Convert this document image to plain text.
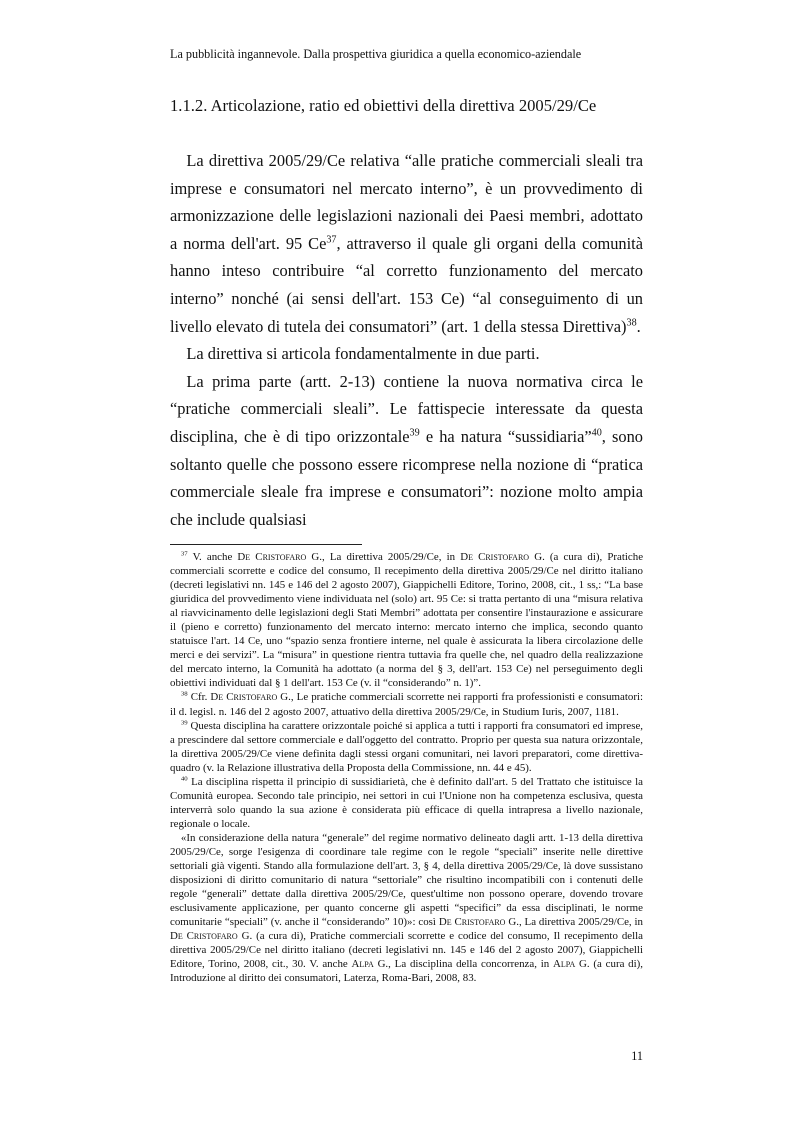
La pubblicità ingannevole. Dalla prospettiva giuridica a quella economico-aziendale
1.1.2. Articolazione, ratio ed obiettivi della direttiva 2005/29/Ce

 La direttiva 2005/29/Ce relativa “alle pratiche commerciali sleali tra imprese e consumatori nel mercato interno”, è un provvedimento di armonizzazione delle legislazioni nazionali dei Paesi membri, adottato a norma dell'art. 95 Ce$^{37}$, attraverso il quale gli organi della comunità hanno inteso contribuire “al corretto funzionamento del mercato interno” nonché (ai sensi dell'art. 153 Ce) “al conseguimento di un livello elevato di tutela dei consumatori” (art. 1 della stessa Direttiva)$^{38}$.

 La direttiva si articola fondamentalmente in due parti.

 La prima parte (artt. 2-13) contiene la nuova normativa circa le “pratiche commerciali sleali”. Le fattispecie interessate da questa disciplina, che è di tipo orizzontale$^{39}$ e ha natura “sussidiaria”$^{40}$, sono soltanto quelle che possono essere ricomprese nella nozione di “pratica commerciale sleale fra imprese e consumatori”: nozione molto ampia che include qualsiasi

 $^{37}$ V. anche De Cristofaro G., La direttiva 2005/29/Ce, in De Cristofaro G. (a cura di), Pratiche commerciali scorrette e codice del consumo, Il recepimento della direttiva 2005/29/Ce nel diritto italiano (decreti legislativi nn. 145 e 146 del 2 agosto 2007), Giappichelli Editore, Torino, 2008, cit., 1 ss,: “La base giuridica del provvedimento viene individuata nel (solo) art. 95 Ce: si tratta pertanto di una “misura relativa al riavvicinamento delle legislazioni degli Stati Membri” adottata per consentire l'instaurazione e assicurare il (pieno e corretto) funzionamento del mercato interno: mercato interno che implica, secondo quanto statuisce l'art. 14 Ce, uno “spazio senza frontiere interne, nel quale è assicurata la libera circolazione delle merci e dei servizi”. La “misura” in questione rientra tuttavia fra quelle che, nel quadro della realizzazione del mercato interno, la Comunità ha adottato (a norma del § 3, dell'art. 153 Ce) nel perseguimento degli obiettivi individuati dal § 1 dell'art. 153 Ce (v. il “considerando” n. 1)”.

 $^{38}$ Cfr. De Cristofaro G., Le pratiche commerciali scorrette nei rapporti fra professionisti e consumatori: il d. legisl. n. 146 del 2 agosto 2007, attuativo della direttiva 2005/29/Ce, in Studium Iuris, 2007, 1181.

 $^{39}$ Questa disciplina ha carattere orizzontale poiché si applica a tutti i rapporti fra consumatori ed imprese, a prescindere dal settore commerciale e dall'oggetto del contratto. Proprio per questa sua natura orizzontale, la direttiva 2005/29/Ce viene definita dagli stessi organi comunitari, nei lavori preparatori, come direttiva-quadro (v. la Relazione illustrativa della Proposta della Commissione, nn. 44 e 45).

 $^{40}$ La disciplina rispetta il principio di sussidiarietà, che è definito dall'art. 5 del Trattato che istituisce la Comunità europea. Secondo tale principio, nei settori in cui l'Unione non ha competenza esclusiva, questa interverrà solo quando la sua azione è considerata più efficace di quella intrapresa a livello nazionale, regionale o locale.

 «In considerazione della natura “generale” del regime normativo delineato dagli artt. 1-13 della direttiva 2005/29/Ce, sorge l'esigenza di coordinare tale regime con le regole “speciali” inserite nelle direttive settoriali già vigenti. Stando alla formulazione dell'art. 3, § 4, della direttiva 2005/29/Ce, là dove sussistano disposizioni di diritto comunitario di natura “settoriale” che risultino incompatibili con i contenuti delle regole “generali” dettate dalla direttiva 2005/29/Ce, quest'ultime non possono operare, dovendo trovare esclusivamente applicazione, per quanto concerne gli aspetti “specifici” da essa disciplinati, le norme comunitarie “speciali” (v. anche il “considerando” 10)»: così De Cristofaro G., La direttiva 2005/29/Ce, in De Cristofaro G. (a cura di), Pratiche commerciali scorrette e codice del consumo, Il recepimento della direttiva 2005/29/Ce nel diritto italiano (decreti legislativi nn. 145 e 146 del 2 agosto 2007), Giappichelli Editore, Torino, 2008, cit., 30. V. anche Alpa G., La disciplina della concorrenza, in Alpa G. (a cura di), Introduzione al diritto dei consumatori, Laterza, Roma-Bari, 2008, 83.

11
